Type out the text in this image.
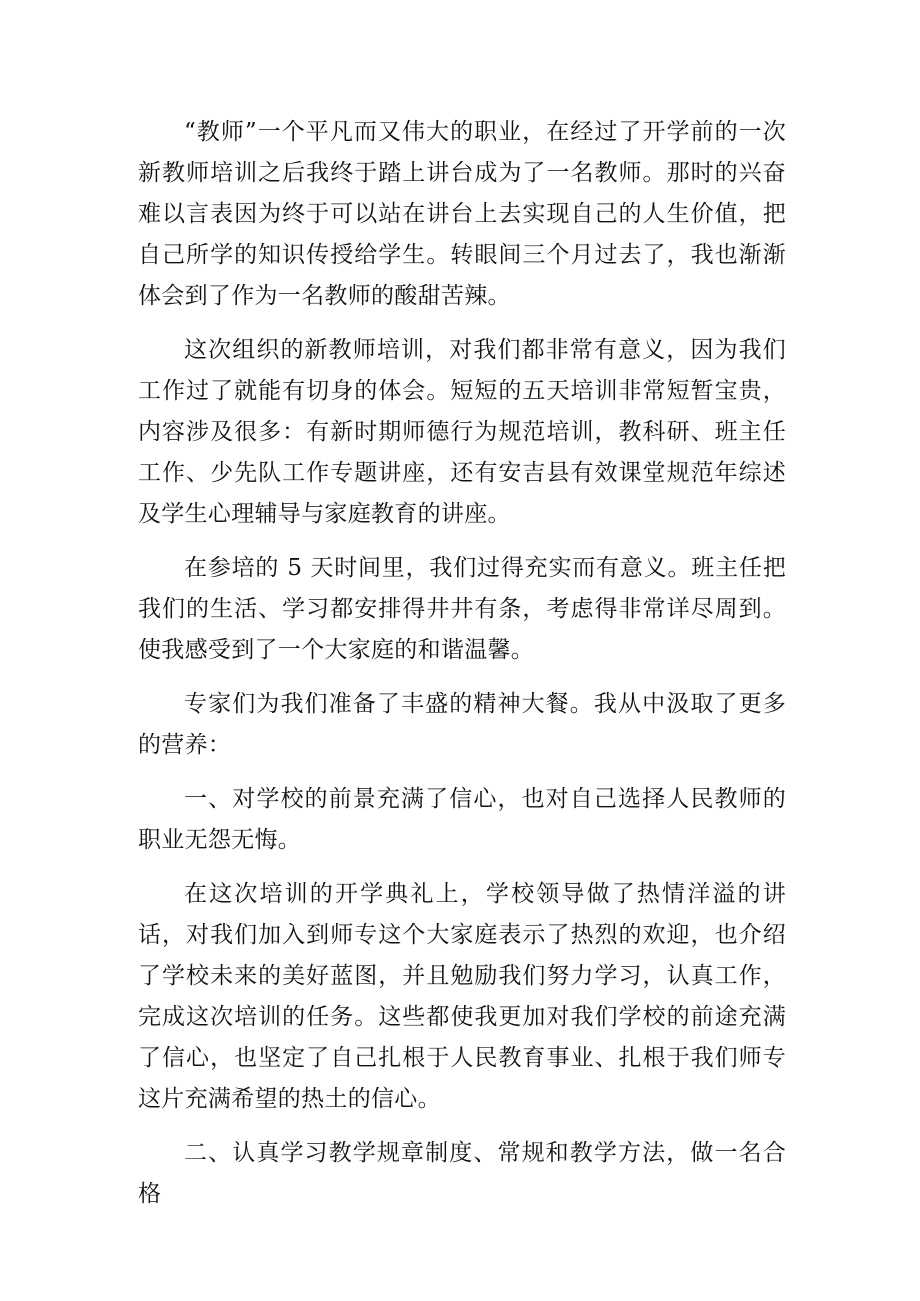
“教师”一个平凡而又伟大的职业，在经过了开学前的一次新教师培训之后我终于踏上讲台成为了一名教师。那时的兴奋难以言表因为终于可以站在讲台上去实现自己的人生价值，把自己所学的知识传授给学生。转眼间三个月过去了，我也渐渐体会到了作为一名教师的酸甜苦辣。

这次组织的新教师培训，对我们都非常有意义，因为我们工作过了就能有切身的体会。短短的五天培训非常短暂宝贵，内容涉及很多：有新时期师德行为规范培训，教科研、班主任工作、少先队工作专题讲座，还有安吉县有效课堂规范年综述及学生心理辅导与家庭教育的讲座。

在参培的 5 天时间里，我们过得充实而有意义。班主任把我们的生活、学习都安排得井井有条，考虑得非常详尽周到。使我感受到了一个大家庭的和谐温馨。

专家们为我们准备了丰盛的精神大餐。我从中汲取了更多的营养：

一、对学校的前景充满了信心，也对自己选择人民教师的职业无怨无悔。

在这次培训的开学典礼上，学校领导做了热情洋溢的讲话，对我们加入到师专这个大家庭表示了热烈的欢迎，也介绍了学校未来的美好蓝图，并且勉励我们努力学习，认真工作，完成这次培训的任务。这些都使我更加对我们学校的前途充满了信心，也坚定了自己扎根于人民教育事业、扎根于我们师专这片充满希望的热土的信心。

二、认真学习教学规章制度、常规和教学方法，做一名合格
